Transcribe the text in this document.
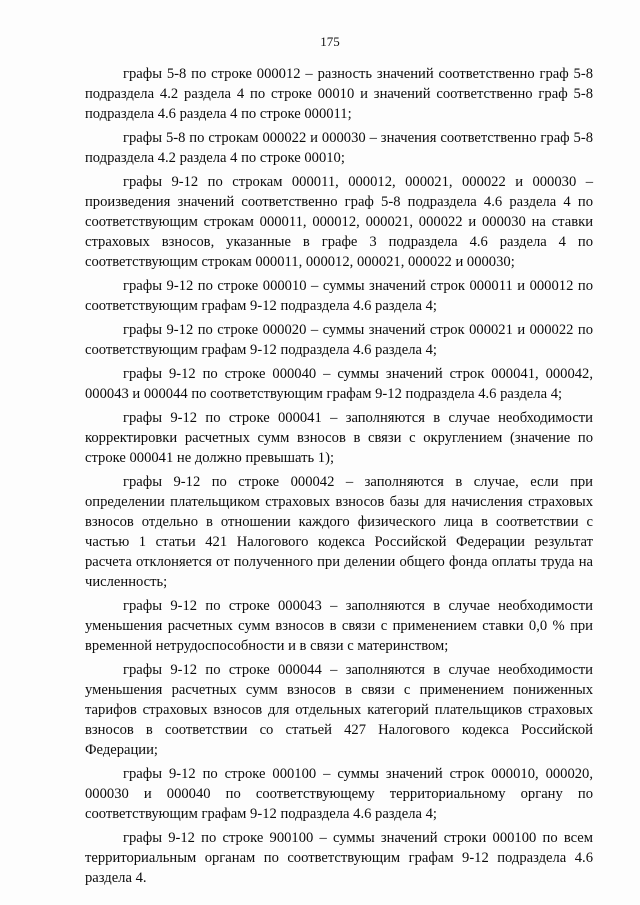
175

графы 5-8 по строке 000012 – разность значений соответственно граф 5-8 подраздела 4.2 раздела 4 по строке 00010 и значений соответственно граф 5-8 подраздела 4.6 раздела 4 по строке 000011;

графы 5-8 по строкам 000022 и 000030 – значения соответственно граф 5-8 подраздела 4.2 раздела 4 по строке 00010;

графы 9-12 по строкам 000011, 000012, 000021, 000022 и 000030 – произведения значений соответственно граф 5-8 подраздела 4.6 раздела 4 по соответствующим строкам 000011, 000012, 000021, 000022 и 000030 на ставки страховых взносов, указанные в графе 3 подраздела 4.6 раздела 4 по соответствующим строкам 000011, 000012, 000021, 000022 и 000030;

графы 9-12 по строке 000010 – суммы значений строк 000011 и 000012 по соответствующим графам 9-12 подраздела 4.6 раздела 4;

графы 9-12 по строке 000020 – суммы значений строк 000021 и 000022 по соответствующим графам 9-12 подраздела 4.6 раздела 4;

графы 9-12 по строке 000040 – суммы значений строк 000041, 000042, 000043 и 000044 по соответствующим графам 9-12 подраздела 4.6 раздела 4;

графы 9-12 по строке 000041 – заполняются в случае необходимости корректировки расчетных сумм взносов в связи с округлением (значение по строке 000041 не должно превышать 1);

графы 9-12 по строке 000042 – заполняются в случае, если при определении плательщиком страховых взносов базы для начисления страховых взносов отдельно в отношении каждого физического лица в соответствии с частью 1 статьи 421 Налогового кодекса Российской Федерации результат расчета отклоняется от полученного при делении общего фонда оплаты труда на численность;

графы 9-12 по строке 000043 – заполняются в случае необходимости уменьшения расчетных сумм взносов в связи с применением ставки 0,0 % при временной нетрудоспособности и в связи с материнством;

графы 9-12 по строке 000044 – заполняются в случае необходимости уменьшения расчетных сумм взносов в связи с применением пониженных тарифов страховых взносов для отдельных категорий плательщиков страховых взносов в соответствии со статьей 427 Налогового кодекса Российской Федерации;

графы 9-12 по строке 000100 – суммы значений строк 000010, 000020, 000030 и 000040 по соответствующему территориальному органу по соответствующим графам 9-12 подраздела 4.6 раздела 4;

графы 9-12 по строке 900100 – суммы значений строки 000100 по всем территориальным органам по соответствующим графам 9-12 подраздела 4.6 раздела 4.
